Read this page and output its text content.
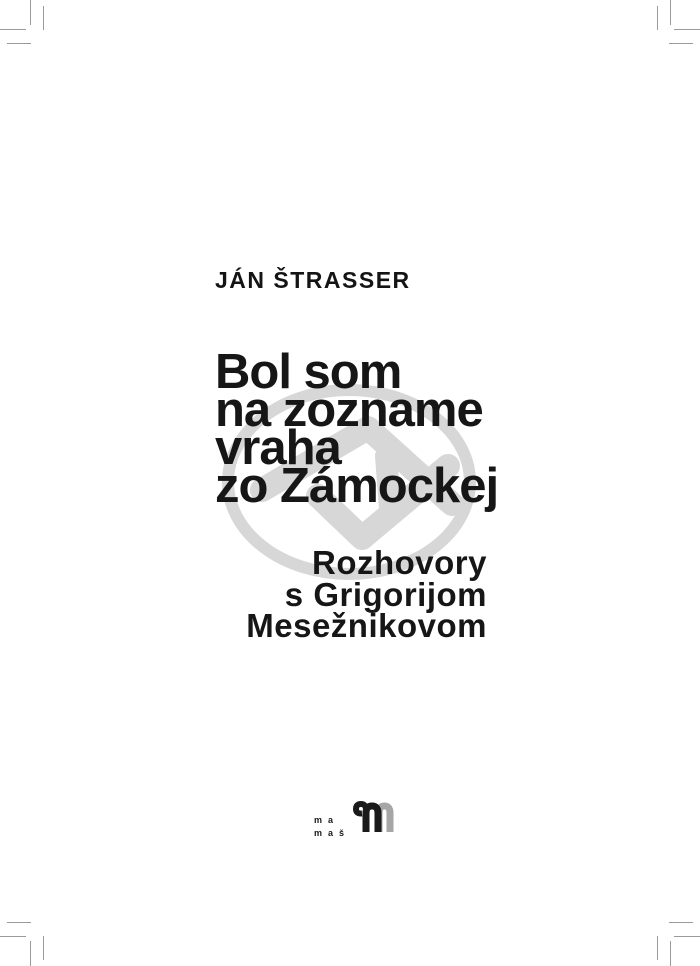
JÁN ŠTRASSER
Bol som
na zozname
vraha
zo Zámockej
Rozhovory
s Grigorijom
Mesežnikovom
ma
maš
